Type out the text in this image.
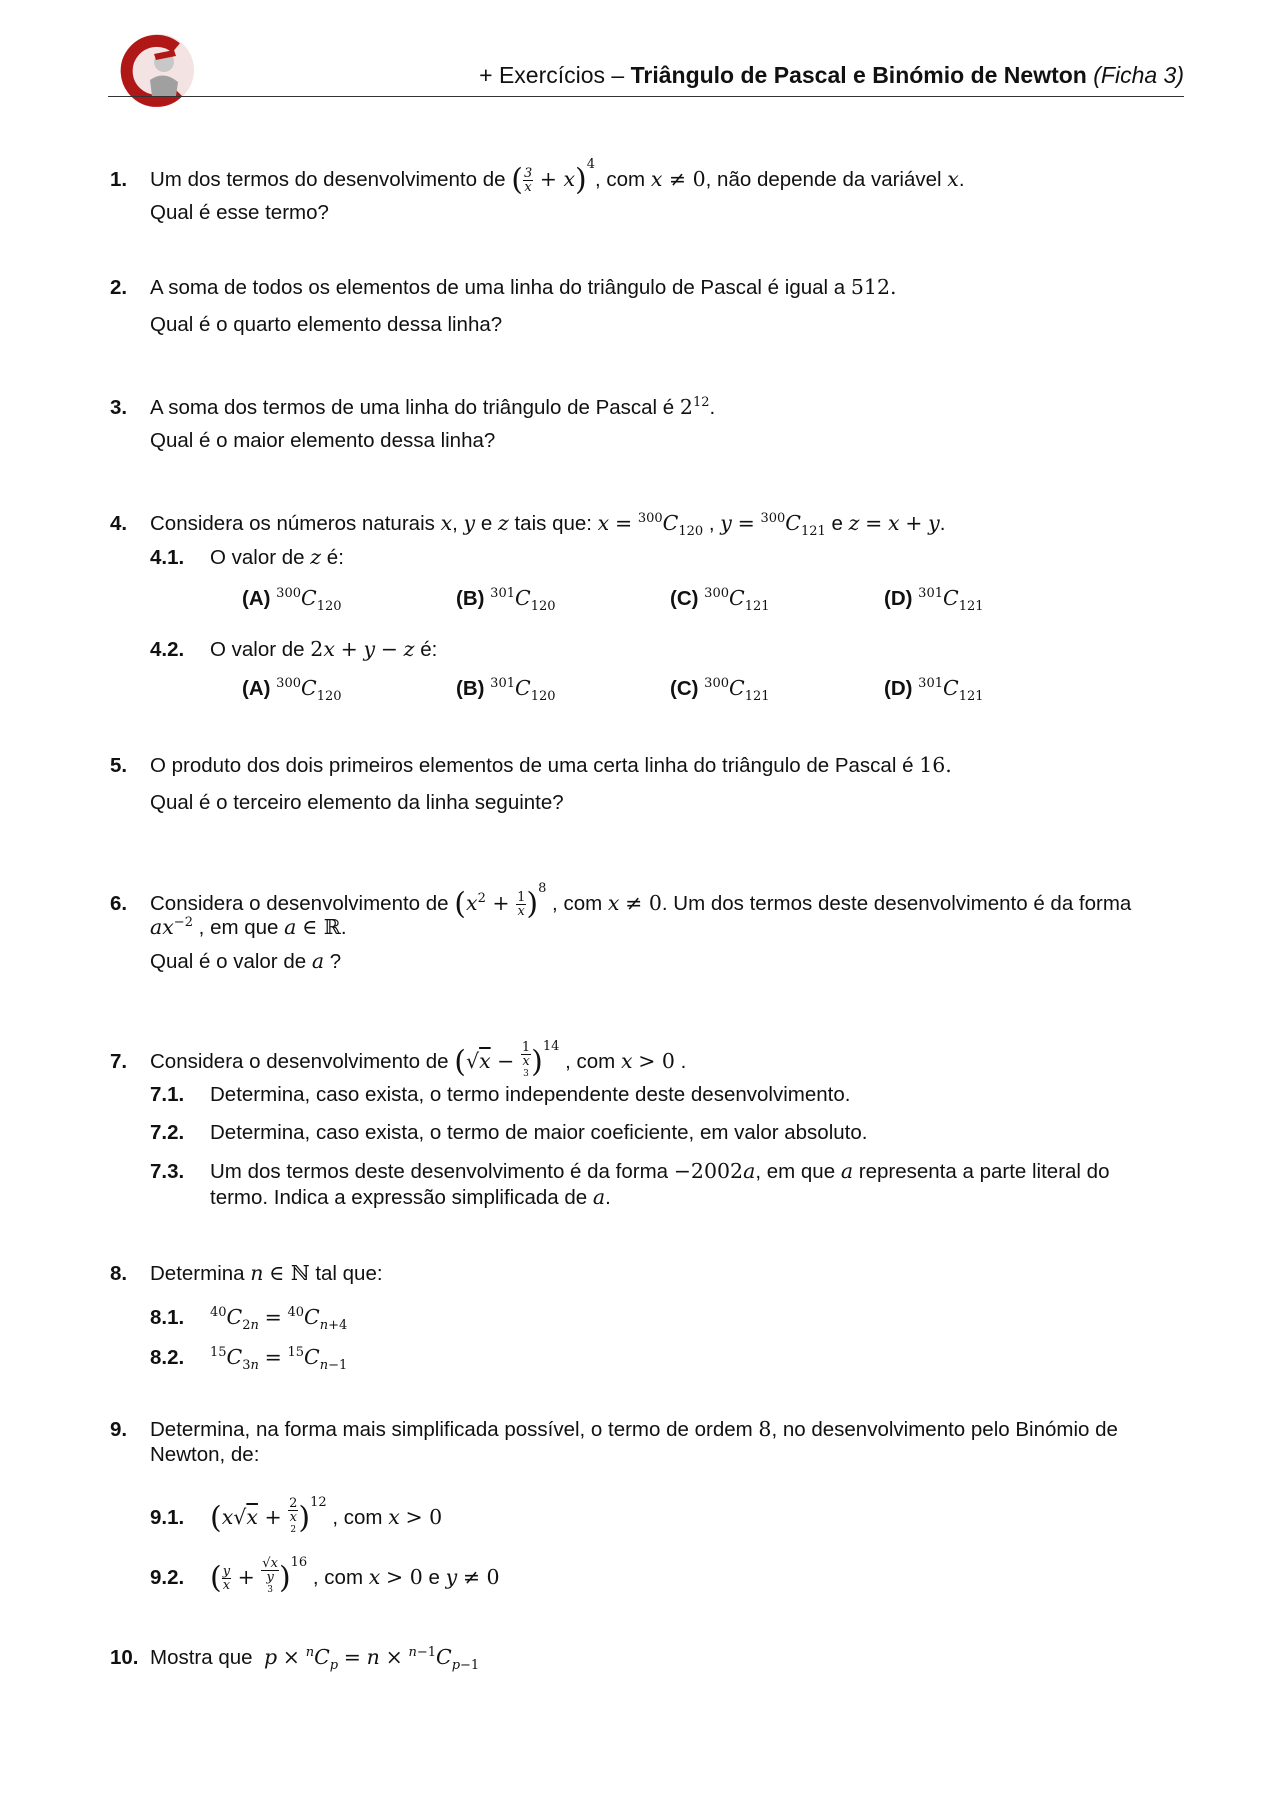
+ Exercícios – Triângulo de Pascal e Binómio de Newton (Ficha 3)
1. Um dos termos do desenvolvimento de ( $\frac{3}{x} + x)^4$, com x ≠ 0, não depende da variável x.
Qual é esse termo?
2. A soma de todos os elementos de uma linha do triângulo de Pascal é igual a 512.
Qual é o quarto elemento dessa linha?
3. A soma dos termos de uma linha do triângulo de Pascal é $2^{12}$.
Qual é o maior elemento dessa linha?
4. Considera os números naturais x, y e z tais que: $x = ^{300}C_{120}$ , $y = ^{300}C_{121}$ e z = x + y.
4.1. O valor de z é:
(A) $^{300}C_{120}$	(B) $^{301}C_{120}$	(C) $^{300}C_{121}$	(D) $^{301}C_{121}$
4.2. O valor de 2x + y − z é:
(A) $^{300}C_{120}$	(B) $^{301}C_{120}$	(C) $^{300}C_{121}$	(D) $^{301}C_{121}$
5. O produto dos dois primeiros elementos de uma certa linha do triângulo de Pascal é 16.
Qual é o terceiro elemento da linha seguinte?
6. Considera o desenvolvimento de $(x^2 + \frac{1}{x} )^8$ , com x ≠ 0. Um dos termos deste desenvolvimento é da forma
$ax^{-2}$ , em que a ∈ ℝ.
Qual é o valor de a ?
7. Considera o desenvolvimento de (√x − 1
x
$^3$ )$^{14}$ , com x > 0 .
7.1. Determina, caso exista, o termo independente deste desenvolvimento.
7.2. Determina, caso exista, o termo de maior coeficiente, em valor absoluto.
7.3. Um dos termos deste desenvolvimento é da forma −2002a, em que a representa a parte literal do
termo. Indica a expressão simplificada de a.
8. Determina n ∈ ℕ tal que:
8.1. $^{40}C_{2n} = ^{40}C_{n+4}$
8.2. $^{15}C_{3n} = ^{15}C_{n-1}$
9. Determina, na forma mais simplificada possível, o termo de ordem 8, no desenvolvimento pelo Binómio de
Newton, de:
9.1. (x√x + 2
x
$^2$ )$^{12}$ , com x > 0
9.2. ( $\frac{y}{x} + √x$
y
$^3$ )$^{16}$ , com x > 0 e y ≠ 0
10. Mostra que $p \times ^nC_p = n \times ^{n-1}C_{p-1}$
